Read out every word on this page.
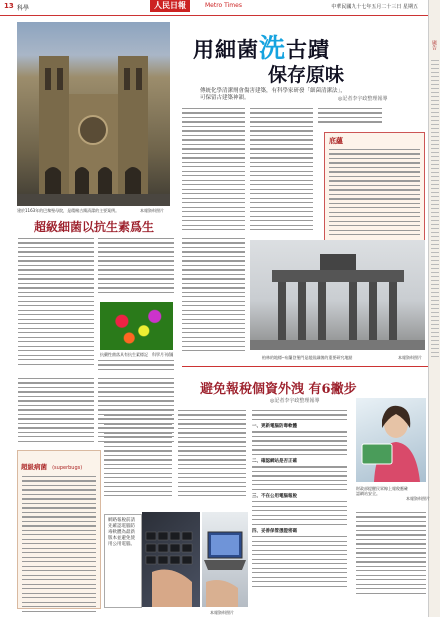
13 科學	人民日報	Metro Times	中華民國九十七年五月二十三日 星期五
廣告
建於1163年的巴黎聖母院，是精緻古蹟清潔的主要案例。	本報資料照片
用細菌洗古蹟
保存原味
傳統化學清潔劑會傷害建築，有科學家研發「細菌清潔法」，
可保留古建築神韻。	◎記者李宇政整理報導
底蘊
超級細菌以抗生素爲生
抗藥性菌落具有抗生素標記	科學月刊/圖
柏林的地標─布蘭登堡門是超級細菌的重要研究地點	本報資料照片
避免報稅個資外洩 有6撇步
◎記者李宇政整理報導
超級病菌 (superbugs)
一、更新電腦防毒軟體
二、確認網站是否正確
三、不在公用電腦報稅
四、妥善保管憑證密碼
財政部提醒民眾線上報稅應確認網站安全。
本報資料照片
網路報稅前請先確認電腦防毒軟體為最新版本並避免使用公用電腦。
本報資料照片
